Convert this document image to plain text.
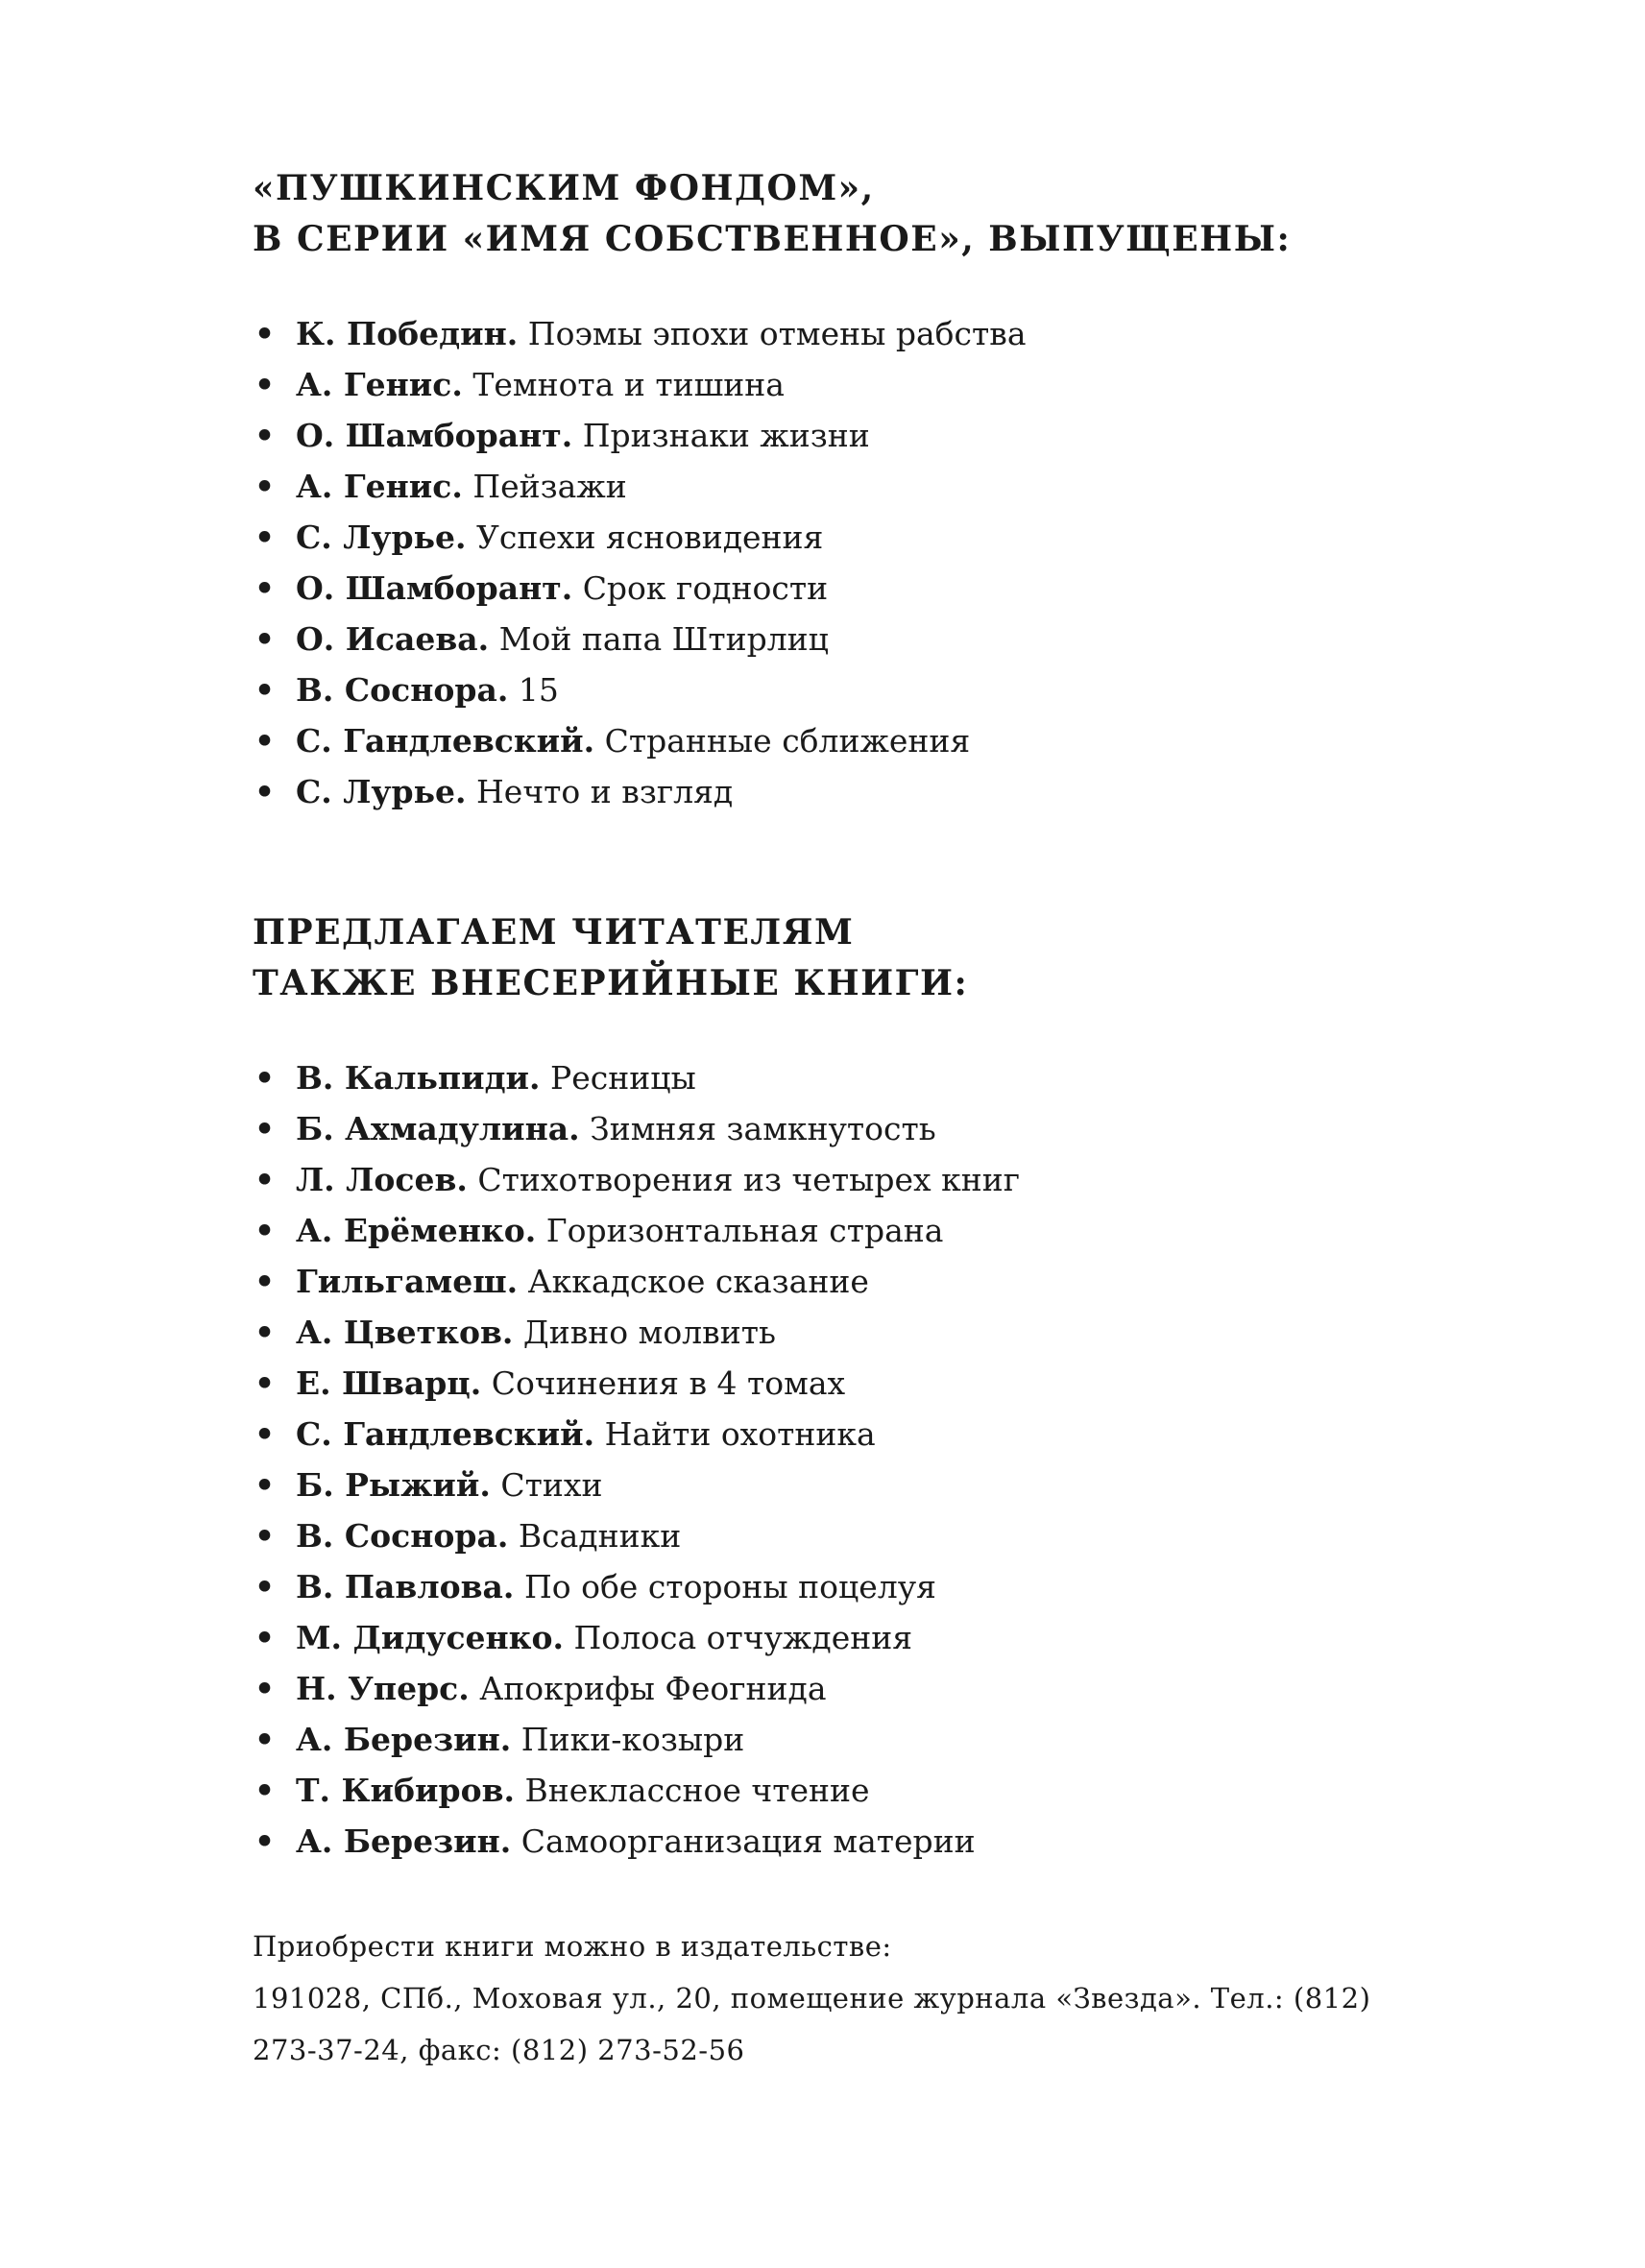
«ПУШКИНСКИМ ФОНДОМ»,
В СЕРИИ «ИМЯ СОБСТВЕННОЕ», ВЫПУЩЕНЫ:
• К. Победин. Поэмы эпохи отмены рабства
• А. Генис. Темнота и тишина
• О. Шамборант. Признаки жизни
• А. Генис. Пейзажи
• С. Лурье. Успехи ясновидения
• О. Шамборант. Срок годности
• О. Исаева. Мой папа Штирлиц
• В. Соснора. 15
• С. Гандлевский. Странные сближения
• С. Лурье. Нечто и взгляд
ПРЕДЛАГАЕМ ЧИТАТЕЛЯМ
ТАКЖЕ ВНЕСЕРИЙНЫЕ КНИГИ:
• В. Кальпиди. Ресницы
• Б. Ахмадулина. Зимняя замкнутость
• Л. Лосев. Стихотворения из четырех книг
• А. Ерёменко. Горизонтальная страна
• Гильгамеш. Аккадское сказание
• А. Цветков. Дивно молвить
• Е. Шварц. Сочинения в 4 томах
• С. Гандлевский. Найти охотника
• Б. Рыжий. Стихи
• В. Соснора. Всадники
• В. Павлова. По обе стороны поцелуя
• М. Дидусенко. Полоса отчуждения
• Н. Уперс. Апокрифы Феогнида
• А. Березин. Пики-козыри
• Т. Кибиров. Внеклассное чтение
• А. Березин. Самоорганизация материи
Приобрести книги можно в издательстве:
191028, СПб., Моховая ул., 20, помещение журнала «Звезда». Тел.: (812)
273-37-24, факс: (812) 273-52-56
